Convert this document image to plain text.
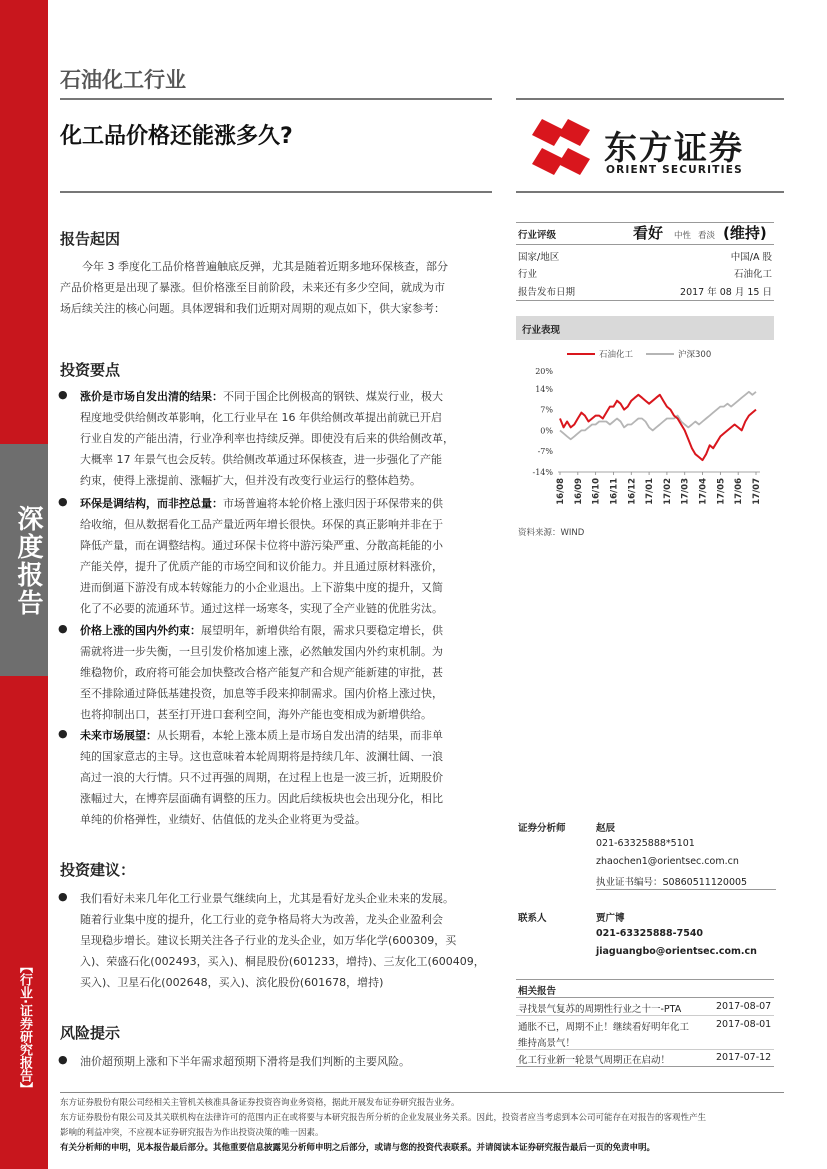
深度报告
【行业·证券研究报告】
石油化工行业
化工品价格还能涨多久?	东方证券
ORIENT SECURITIES
报告起因
今年 3 季度化工品价格普遍触底反弹，尤其是随着近期多地环保核查，部分
产品价格更是出现了暴涨。但价格涨至目前阶段，未来还有多少空间，就成为市
场后续关注的核心问题。具体逻辑和我们近期对周期的观点如下，供大家参考：
投资要点
● 涨价是市场自发出清的结果：不同于国企比例极高的钢铁、煤炭行业，极大
程度地受供给侧改革影响，化工行业早在 16 年供给侧改革提出前就已开启
行业自发的产能出清，行业净利率也持续反弹。即使没有后来的供给侧改革，
大概率 17 年景气也会反转。供给侧改革通过环保核查，进一步强化了产能
约束，使得上涨提前、涨幅扩大，但并没有改变行业运行的整体趋势。
● 环保是调结构，而非控总量：市场普遍将本轮价格上涨归因于环保带来的供
给收缩，但从数据看化工品产量近两年增长很快。环保的真正影响并非在于
降低产量，而在调整结构。通过环保卡位将中游污染严重、分散高耗能的小
产能关停，提升了优质产能的市场空间和议价能力。并且通过原材料涨价，
进而倒逼下游没有成本转嫁能力的小企业退出。上下游集中度的提升，又简
化了不必要的流通环节。通过这样一场寒冬，实现了全产业链的优胜劣汰。
● 价格上涨的国内外约束：展望明年，新增供给有限，需求只要稳定增长，供
需就将进一步失衡，一旦引发价格加速上涨，必然触发国内外约束机制。为
维稳物价，政府将可能会加快整改合格产能复产和合规产能新建的审批，甚
至不排除通过降低基建投资，加息等手段来抑制需求。国内价格上涨过快，
也将抑制出口，甚至打开进口套利空间，海外产能也变相成为新增供给。
● 未来市场展望：从长期看，本轮上涨本质上是市场自发出清的结果，而非单
纯的国家意志的主导。这也意味着本轮周期将是持续几年、波澜壮阔、一浪
高过一浪的大行情。只不过再强的周期，在过程上也是一波三折，近期股价
涨幅过大，在博弈层面确有调整的压力。因此后续板块也会出现分化，相比
单纯的价格弹性，业绩好、估值低的龙头企业将更为受益。
投资建议：
● 我们看好未来几年化工行业景气继续向上，尤其是看好龙头企业未来的发展。
随着行业集中度的提升，化工行业的竞争格局将大为改善，龙头企业盈利会
呈现稳步增长。建议长期关注各子行业的龙头企业，如万华化学(600309，买
入)、荣盛石化(002493，买入)、桐昆股份(601233，增持)、三友化工(600409，
买入)、卫星石化(002648，买入)、滨化股份(601678，增持)
风险提示
● 油价超预期上涨和下半年需求超预期下滑将是我们判断的主要风险。
行业评级	看好 中性 看淡 (维持)
国家/地区	中国/A 股
行业	石油化工
报告发布日期	2017 年 08 月 15 日
行业表现
石油化工	沪深300
20%
14%
7%
0%
-7%
-14%
16/08 16/09 16/10 16/11 16/12 17/01 17/02 17/03 17/04 17/05 17/06 17/07
资料来源：WIND
证券分析师	赵辰
021-63325888*5101
zhaochen1@orientsec.com.cn
执业证书编号：S0860511120005
联系人	贾广博
021-63325888-7540
jiaguangbo@orientsec.com.cn
相关报告
寻找景气复苏的周期性行业之十一-PTA	2017-08-07
通胀不已，周期不止！继续看好明年化工
维持高景气！
2017-08-01
化工行业新一轮景气周期正在启动！	2017-07-12
东方证券股份有限公司经相关主管机关核准具备证券投资咨询业务资格，据此开展发布证券研究报告业务。
东方证券股份有限公司及其关联机构在法律许可的范围内正在或将要与本研究报告所分析的企业发展业务关系。因此，投资者应当考虑到本公司可能存在对报告的客观性产生
影响的利益冲突，不应视本证券研究报告为作出投资决策的唯一因素。
有关分析师的申明，见本报告最后部分。其他重要信息披露见分析师申明之后部分，或请与您的投资代表联系。并请阅读本证券研究报告最后一页的免责申明。
